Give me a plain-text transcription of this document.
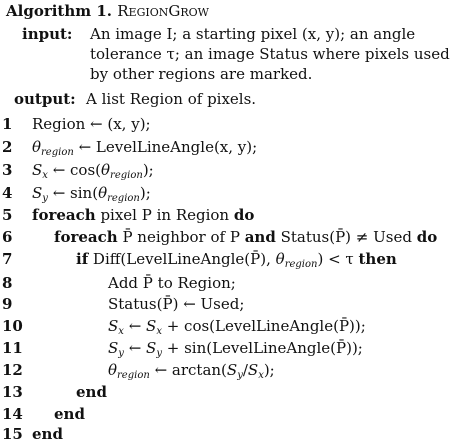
Algorithm 1. RegionGrow
input: An image I; a starting pixel (x, y); an angle
tolerance τ; an image Status where pixels used
by other regions are marked.
output: A list Region of pixels.
1	Region ← (x, y);
2	$\theta_{region}$ ← LevelLineAngle(x, y);
3	$S_x$ ← $\cos(\theta_{region})$;
4	$S_y$ ← $\sin(\theta_{region})$;
5	foreach pixel P in Region do
6	foreach P̄ neighbor of P and Status(P̄) ≠ Used do
7	if Diff(LevelLineAngle(P̄), $\theta_{region}) < \tau$ then
8	Add P̄ to Region;
9	Status(P̄) ← Used;
10	$S_x$ ← $S_x$ + cos(LevelLineAngle(P̄));
11	$S_y$ ← $S_y$ + sin(LevelLineAngle(P̄));
12	$\theta_{region}$ ← $\arctan(S_y/S_x)$;
13	end
14 end
15 end
